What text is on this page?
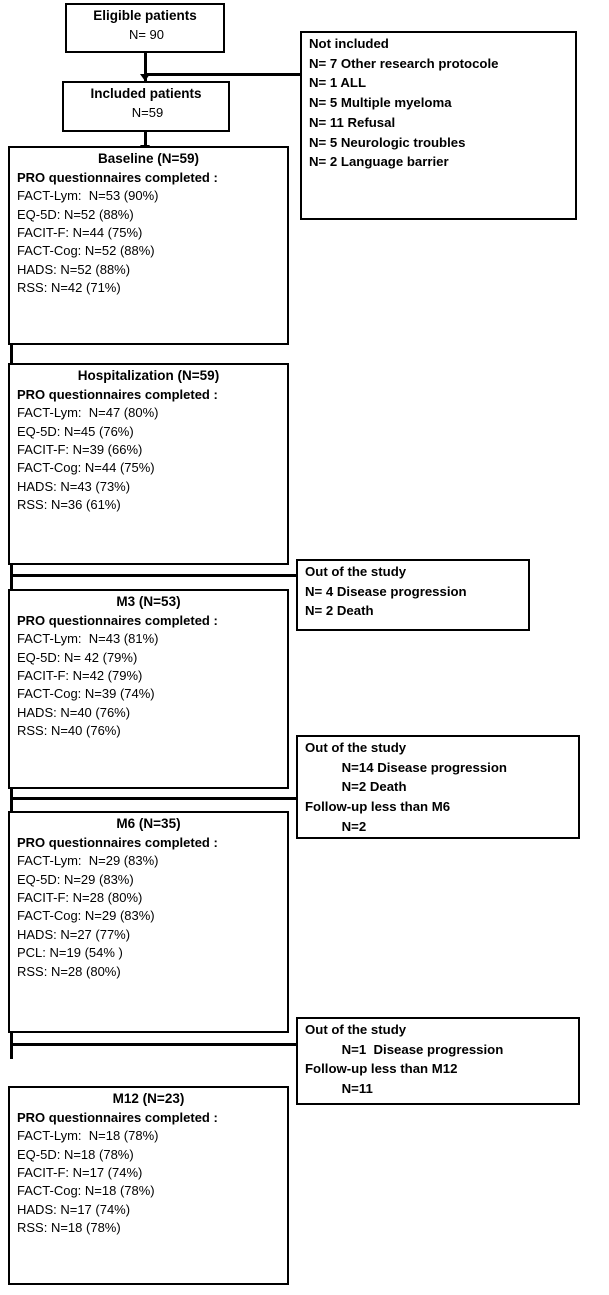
Eligible patients
N= 90
Included patients
N=59
Not included
N= 7 Other research protocole
N= 1 ALL
N= 5 Multiple myeloma
N= 11 Refusal
N= 5 Neurologic troubles
N= 2 Language barrier
Baseline (N=59)
PRO questionnaires completed :
FACT-Lym:  N=53 (90%)
EQ-5D: N=52 (88%)
FACIT-F: N=44 (75%)
FACT-Cog: N=52 (88%)
HADS: N=52 (88%)
RSS: N=42 (71%)
Hospitalization (N=59)
PRO questionnaires completed :
FACT-Lym:  N=47 (80%)
EQ-5D: N=45 (76%)
FACIT-F: N=39 (66%)
FACT-Cog: N=44 (75%)
HADS: N=43 (73%)
RSS: N=36 (61%)
Out of the study
N= 4 Disease progression
N= 2 Death
M3 (N=53)
PRO questionnaires completed :
FACT-Lym:  N=43 (81%)
EQ-5D: N= 42 (79%)
FACIT-F: N=42 (79%)
FACT-Cog: N=39 (74%)
HADS: N=40 (76%)
RSS: N=40 (76%)
Out of the study
N=14 Disease progression
N=2 Death
Follow-up less than M6
N=2
M6 (N=35)
PRO questionnaires completed :
FACT-Lym:  N=29 (83%)
EQ-5D: N=29 (83%)
FACIT-F: N=28 (80%)
FACT-Cog: N=29 (83%)
HADS: N=27 (77%)
PCL: N=19 (54% )
RSS: N=28 (80%)
Out of the study
N=1  Disease progression
Follow-up less than M12
N=11
M12 (N=23)
PRO questionnaires completed :
FACT-Lym:  N=18 (78%)
EQ-5D: N=18 (78%)
FACIT-F: N=17 (74%)
FACT-Cog: N=18 (78%)
HADS: N=17 (74%)
RSS: N=18 (78%)
